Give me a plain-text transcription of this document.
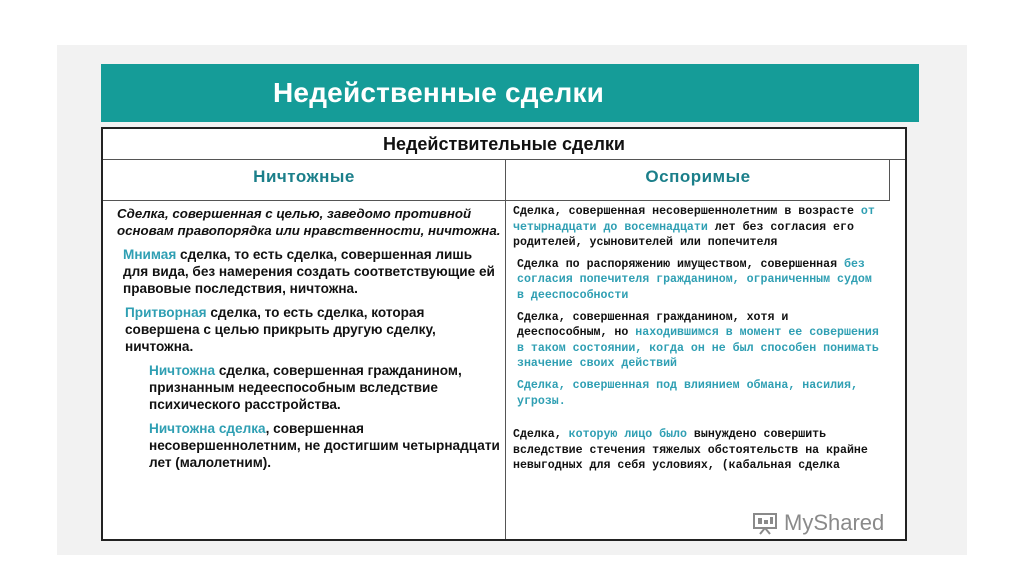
Недейственные сделки
Недействительные сделки
Ничтожные	Оспоримые

Сделка, совершенная с целью, заведомо противной основам правопорядка или нравственности, ничтожна.

Мнимая сделка, то есть сделка, совершенная лишь для вида, без намерения создать соответствующие ей правовые последствия, ничтожна.

Притворная сделка, то есть сделка, которая совершена с целью прикрыть другую сделку, ничтожна.

Ничтожна сделка, совершенная гражданином, признанным недееспособным вследствие психического расстройства.

Ничтожна сделка, совершенная несовершеннолетним, не достигшим четырнадцати лет (малолетним).

Сделка, совершенная несовершеннолетним в возрасте от четырнадцати до восемнадцати лет без согласия его родителей, усыновителей или попечителя

Сделка по распоряжению имуществом, совершенная без согласия попечителя гражданином, ограниченным судом в дееспособности

Сделка, совершенная гражданином, хотя и дееспособным, но находившимся в момент ее совершения в таком состоянии, когда он не был способен понимать значение своих действий

Сделка, совершенная под влиянием обмана, насилия, угрозы.

Сделка, которую лицо было вынуждено совершить вследствие стечения тяжелых обстоятельств на крайне невыгодных для себя условиях, (кабальная сделка

MyShared
